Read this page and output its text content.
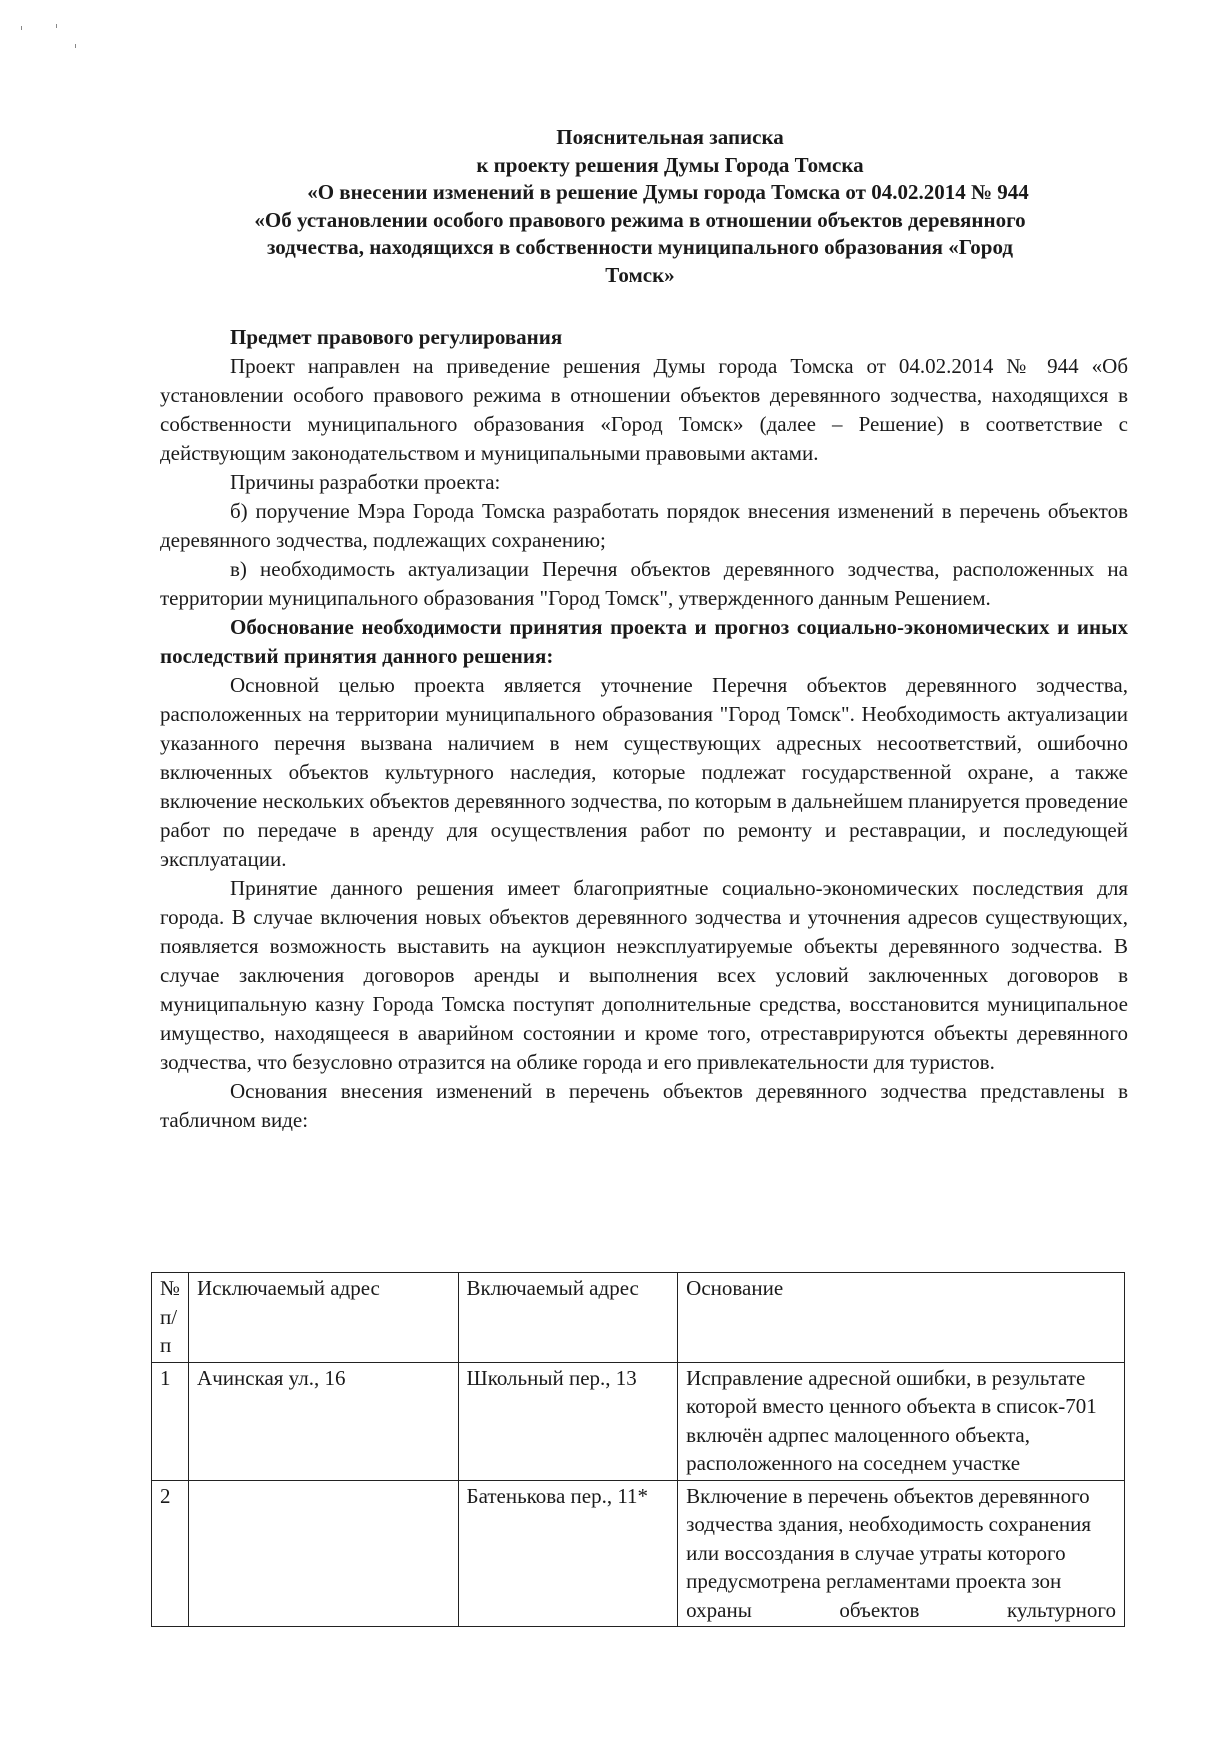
Пояснительная записка
к проекту решения Думы Города Томска
«О внесении изменений в решение Думы города Томска от 04.02.2014 № 944
«Об установлении особого правового режима в отношении объектов деревянного
зодчества, находящихся в собственности муниципального образования «Город
Томск»

Предмет правового регулирования

Проект направлен на приведение решения Думы города Томска от 04.02.2014 № 944 «Об установлении особого правового режима в отношении объектов деревянного зодчества, находящихся в собственности муниципального образования «Город Томск» (далее – Решение) в соответствие с действующим законодательством и муниципальными правовыми актами.

Причины разработки проекта:

б) поручение Мэра Города Томска разработать порядок внесения изменений в перечень объектов деревянного зодчества, подлежащих сохранению;

в) необходимость актуализации Перечня объектов деревянного зодчества, расположенных на территории муниципального образования "Город Томск", утвержденного данным Решением.

Обоснование необходимости принятия проекта и прогноз социально-экономических и иных последствий принятия данного решения:

Основной целью проекта является уточнение Перечня объектов деревянного зодчества, расположенных на территории муниципального образования "Город Томск". Необходимость актуализации указанного перечня вызвана наличием в нем существующих адресных несоответствий, ошибочно включенных объектов культурного наследия, которые подлежат государственной охране, а также включение нескольких объектов деревянного зодчества, по которым в дальнейшем планируется проведение работ по передаче в аренду для осуществления работ по ремонту и реставрации, и последующей эксплуатации.

Принятие данного решения имеет благоприятные социально-экономических последствия для города. В случае включения новых объектов деревянного зодчества и уточнения адресов существующих, появляется возможность выставить на аукцион неэксплуатируемые объекты деревянного зодчества. В случае заключения договоров аренды и выполнения всех условий заключенных договоров в муниципальную казну Города Томска поступят дополнительные средства, восстановится муниципальное имущество, находящееся в аварийном состоянии и кроме того, отреставрируются объекты деревянного зодчества, что безусловно отразится на облике города и его привлекательности для туристов.

Основания внесения изменений в перечень объектов деревянного зодчества представлены в табличном виде:

№ п/п	Исключаемый адрес	Включаемый адрес	Основание
1	Ачинская ул., 16	Школьный пер., 13	Исправление адресной ошибки, в результате которой вместо ценного объекта в список-701 включён адрпес малоценного объекта, расположенного на соседнем участке
2		Батенькова пер., 11*	Включение в перечень объектов деревянного зодчества здания, необходимость сохранения или воссоздания в случае утраты которого предусмотрена регламентами проекта зон охраны объектов культурного
